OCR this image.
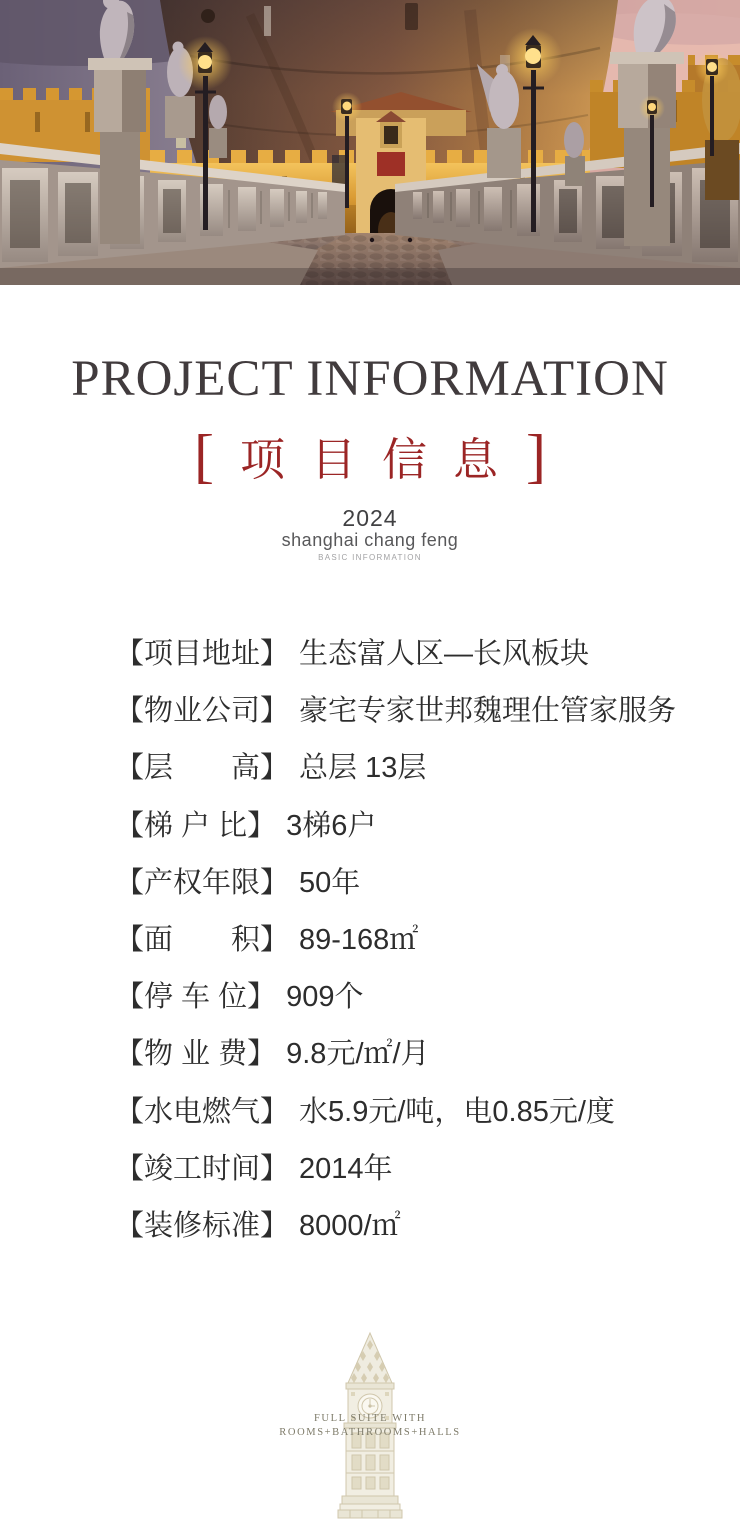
PROJECT INFORMATION
[ 项目信息 ]
2024
shanghai chang feng
BASIC INFORMATION
【项目地址】 生态富人区—长风板块
【物业公司】 豪宅专家世邦魏理仕管家服务
【层　　高】 总层 13层
【梯 户 比】 3梯6户
【产权年限】 50年
【面　　积】 89-168㎡
【停 车 位】 909个
【物 业 费】 9.8元/㎡/月
【水电燃气】 水5.9元/吨，电0.85元/度
【竣工时间】 2014年
【装修标准】 8000/㎡
FULL SUITE WITH
ROOMS+BATHROOMS+HALLS
